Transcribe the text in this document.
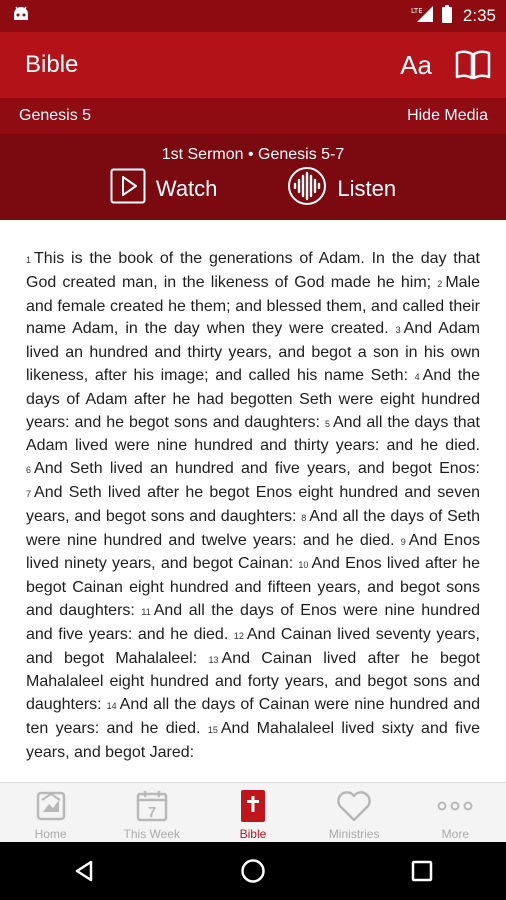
LTE 2:35
Bible	Aa
Genesis 5	Hide Media
1st Sermon • Genesis 5-7
Watch	Listen
1 This is the book of the generations of Adam. In the day that God created man, in the likeness of God made he him; 2 Male and female created he them; and blessed them, and called their name Adam, in the day when they were created. 3 And Adam lived an hundred and thirty years, and begot a son in his own likeness, after his image; and called his name Seth: 4 And the days of Adam after he had begotten Seth were eight hundred years: and he begot sons and daughters: 5 And all the days that Adam lived were nine hundred and thirty years: and he died. 6 And Seth lived an hundred and five years, and begot Enos: 7 And Seth lived after he begot Enos eight hundred and seven years, and begot sons and daughters: 8 And all the days of Seth were nine hundred and twelve years: and he died. 9 And Enos lived ninety years, and begot Cainan: 10 And Enos lived after he begot Cainan eight hundred and fifteen years, and begot sons and daughters: 11 And all the days of Enos were nine hundred and five years: and he died. 12 And Cainan lived seventy years, and begot Mahalaleel: 13 And Cainan lived after he begot Mahalaleel eight hundred and forty years, and begot sons and daughters: 14 And all the days of Cainan were nine hundred and ten years: and he died. 15 And Mahalaleel lived sixty and five years, and begot Jared:
Home
7
This Week	Bible	Ministries	More
